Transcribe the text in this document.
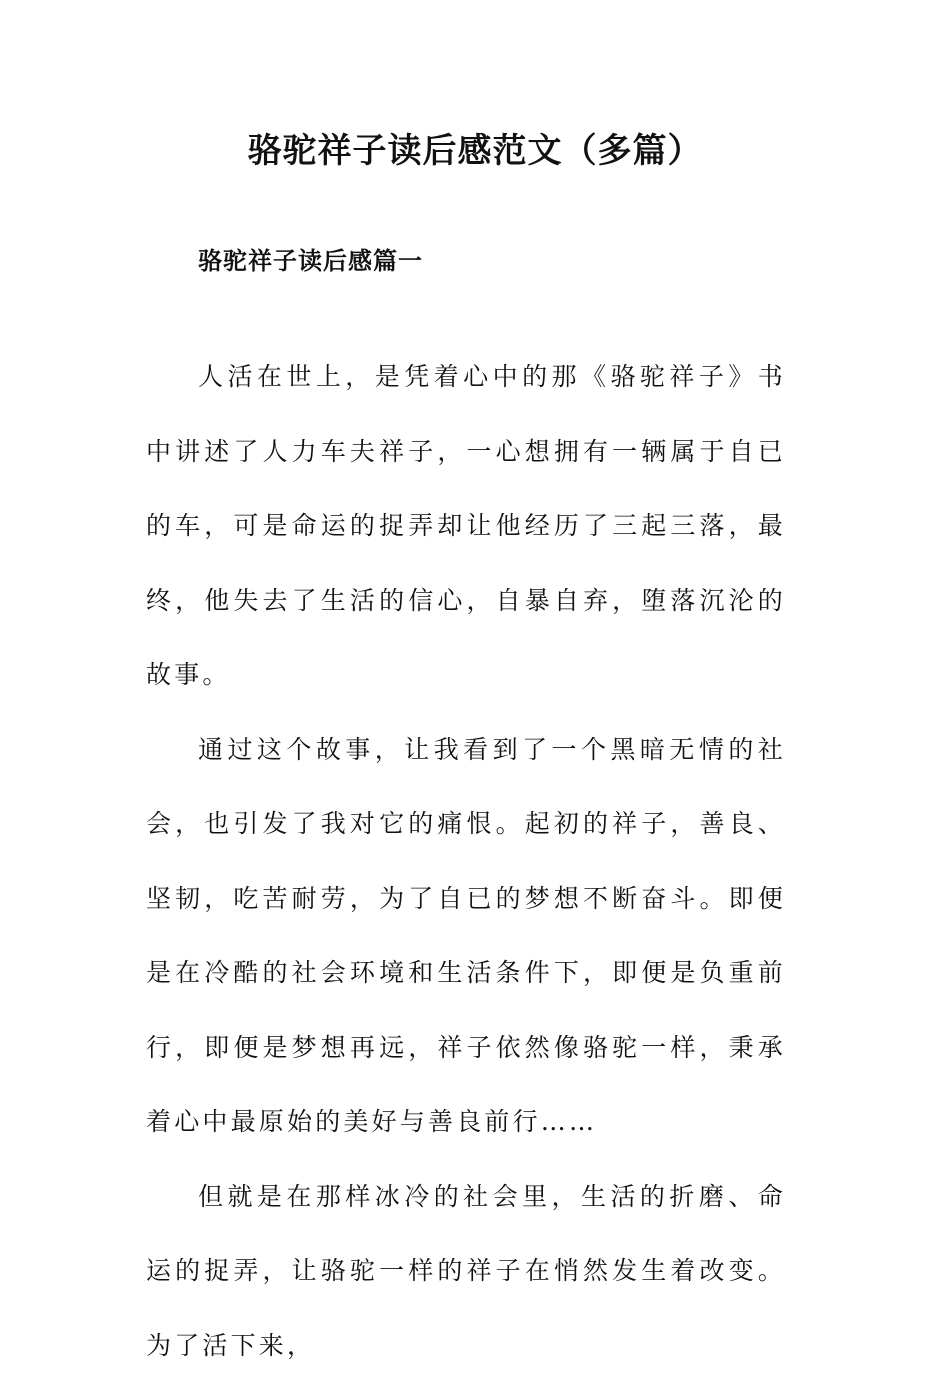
骆驼祥子读后感范文（多篇）
骆驼祥子读后感篇一

人活在世上，是凭着心中的那《骆驼祥子》书中讲述了人力车夫祥子，一心想拥有一辆属于自已的车，可是命运的捉弄却让他经历了三起三落，最终，他失去了生活的信心，自暴自弃，堕落沉沦的故事。

通过这个故事，让我看到了一个黑暗无情的社会，也引发了我对它的痛恨。起初的祥子，善良、坚韧，吃苦耐劳，为了自已的梦想不断奋斗。即便是在冷酷的社会环境和生活条件下，即便是负重前行，即便是梦想再远，祥子依然像骆驼一样，秉承着心中最原始的美好与善良前行……

但就是在那样冰冷的社会里，生活的折磨、命运的捉弄，让骆驼一样的祥子在悄然发生着改变。为了活下来，
